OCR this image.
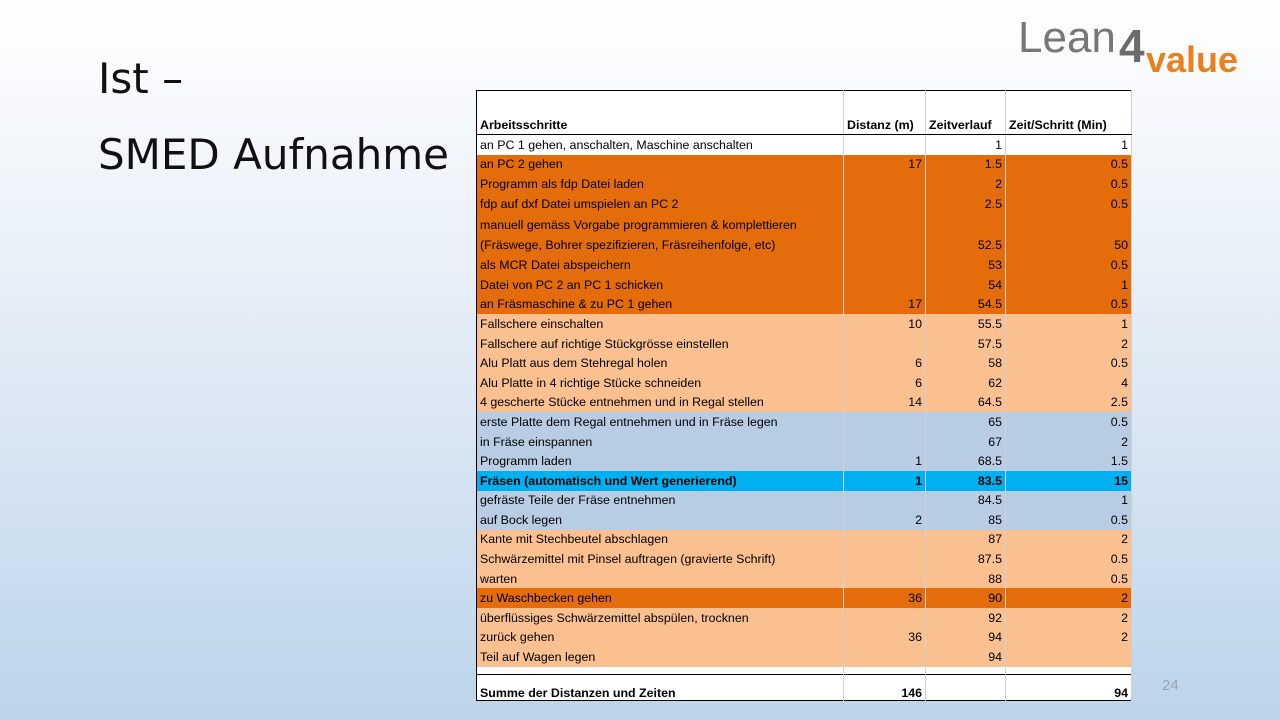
Ist –
SMED Aufnahme
Lean 4 value
Arbeitsschritte	Distanz (m)	Zeitverlauf	Zeit/Schritt (Min)
an PC 1 gehen, anschalten, Maschine anschalten		1	1
an PC 2 gehen	17	1.5	0.5
Programm als fdp Datei laden		2	0.5
fdp auf dxf Datei umspielen an PC 2		2.5	0.5
manuell gemäss Vorgabe programmieren & komplettieren (Fräswege, Bohrer spezifizieren, Fräsreihenfolge, etc)		52.5	50
als MCR Datei abspeichern		53	0.5
Datei von PC 2 an PC 1 schicken		54	1
an Fräsmaschine & zu PC 1 gehen	17	54.5	0.5
Fallschere einschalten	10	55.5	1
Fallschere auf richtige Stückgrösse einstellen		57.5	2
Alu Platt aus dem Stehregal holen	6	58	0.5
Alu Platte in 4 richtige Stücke schneiden	6	62	4
4 gescherte Stücke entnehmen und in Regal stellen	14	64.5	2.5
erste Platte dem Regal entnehmen und in Fräse legen		65	0.5
in Fräse einspannen		67	2
Programm laden	1	68.5	1.5
Fräsen (automatisch und Wert generierend)	1	83.5	15
gefräste Teile der Fräse entnehmen		84.5	1
auf Bock legen	2	85	0.5
Kante mit Stechbeutel abschlagen		87	2
Schwärzemittel mit Pinsel auftragen (gravierte Schrift)		87.5	0.5
warten		88	0.5
zu Waschbecken gehen	36	90	2
überflüssiges Schwärzemittel abspülen, trocknen		92	2
zurück gehen	36	94	2
Teil auf Wagen legen		94	

Summe der Distanzen und Zeiten	146		94 24
